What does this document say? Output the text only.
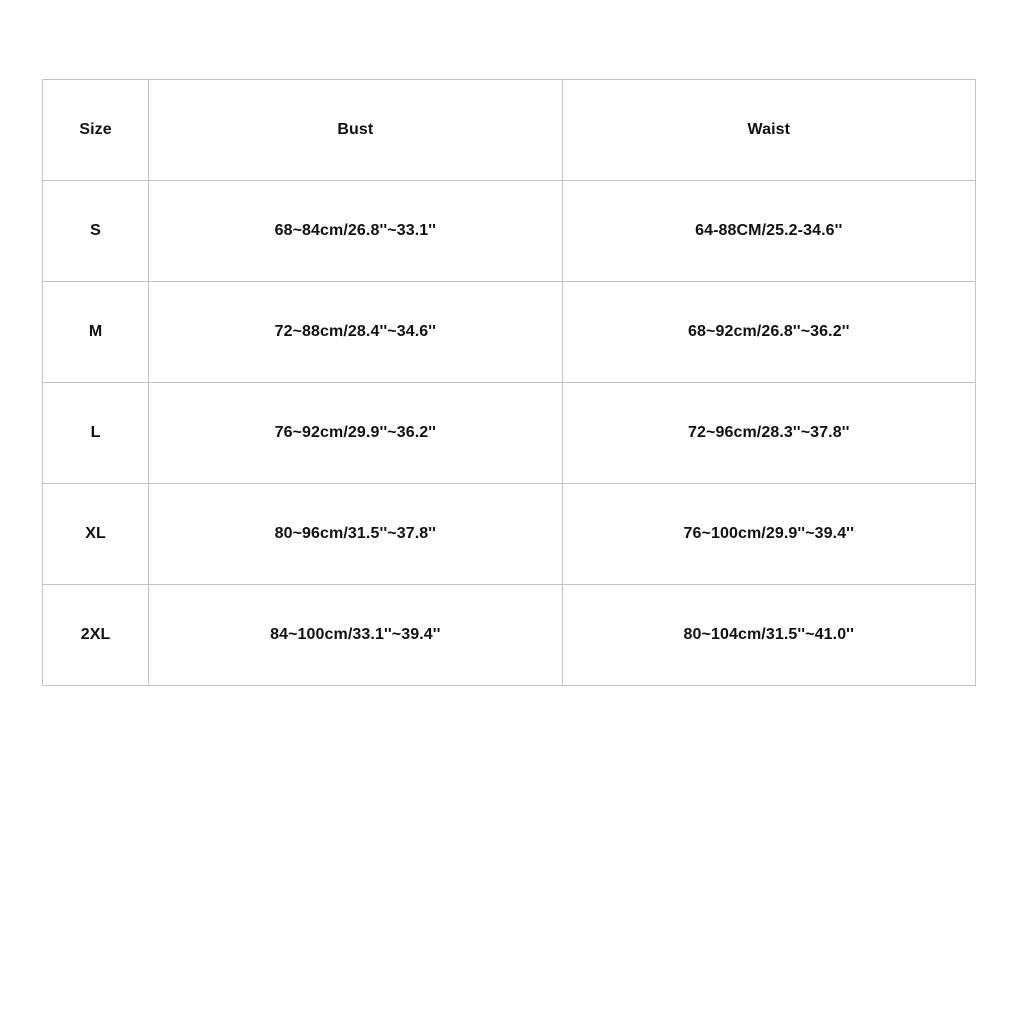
Size	Bust	Waist
S	68~84cm/26.8''~33.1''	64-88CM/25.2-34.6''
M	72~88cm/28.4''~34.6''	68~92cm/26.8''~36.2''
L	76~92cm/29.9''~36.2''	72~96cm/28.3''~37.8''
XL	80~96cm/31.5''~37.8''	76~100cm/29.9''~39.4''
2XL	84~100cm/33.1''~39.4''	80~104cm/31.5''~41.0''
